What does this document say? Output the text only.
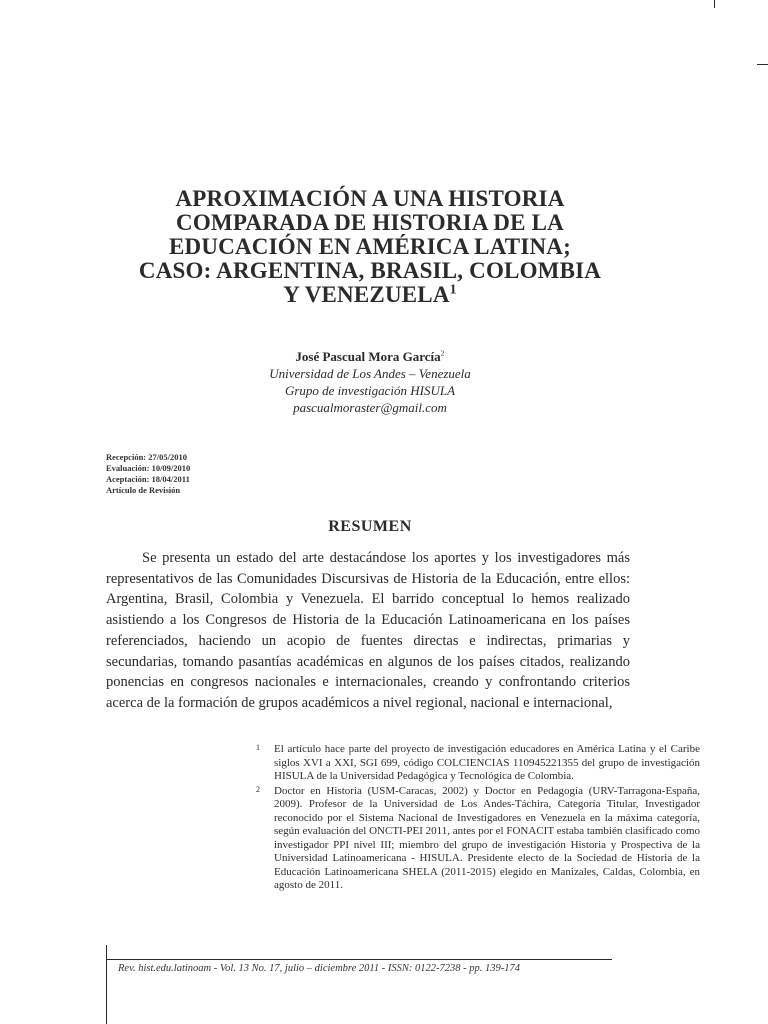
APROXIMACIÓN A UNA HISTORIA
COMPARADA DE HISTORIA DE LA
EDUCACIÓN EN AMÉRICA LATINA;
CASO: ARGENTINA, BRASIL, COLOMBIA
Y VENEZUELA$^1$
José Pascual Mora García$^2$
Universidad de Los Andes – Venezuela
Grupo de investigación HISULA
pascualmoraster@gmail.com
Recepción: 27/05/2010
Evaluación: 10/09/2010
Aceptación: 18/04/2011
Artículo de Revisión
RESUMEN

Se presenta un estado del arte destacándose los aportes y los investigadores más representativos de las Comunidades Discursivas de Historia de la Educación, entre ellos: Argentina, Brasil, Colombia y Venezuela. El barrido conceptual lo hemos realizado asistiendo a los Congresos de Historia de la Educación Latinoamericana en los países referenciados, haciendo un acopio de fuentes directas e indirectas, primarias y secundarias, tomando pasantías académicas en algunos de los países citados, realizando ponencias en congresos nacionales e internacionales, creando y confrontando criterios acerca de la formación de grupos académicos a nivel regional, nacional e internacional,

1 El artículo hace parte del proyecto de investigación educadores en América Latina y el Caribe siglos XVI a XXI, SGI 699, código COLCIENCIAS 110945221355 del grupo de investigación HISULA de la Universidad Pedagógica y Tecnológica de Colombia.

2 Doctor en Historia (USM-Caracas, 2002) y Doctor en Pedagogía (URV-Tarragona-España, 2009). Profesor de la Universidad de Los Andes-Táchira, Categoría Titular, Investigador reconocido por el Sistema Nacional de Investigadores en Venezuela en la máxima categoría, según evaluación del ONCTI-PEI 2011, antes por el FONACIT estaba también clasificado como investigador PPI nivel III; miembro del grupo de investigación Historia y Prospectiva de la Universidad Latinoamericana - HISULA. Presidente electo de la Sociedad de Historia de la Educación Latinoamericana SHELA (2011-2015) elegido en Manizales, Caldas, Colombia, en agosto de 2011.

Rev. hist.edu.latinoam - Vol. 13 No. 17, julio – diciembre 2011 - ISSN: 0122-7238 - pp. 139-174
